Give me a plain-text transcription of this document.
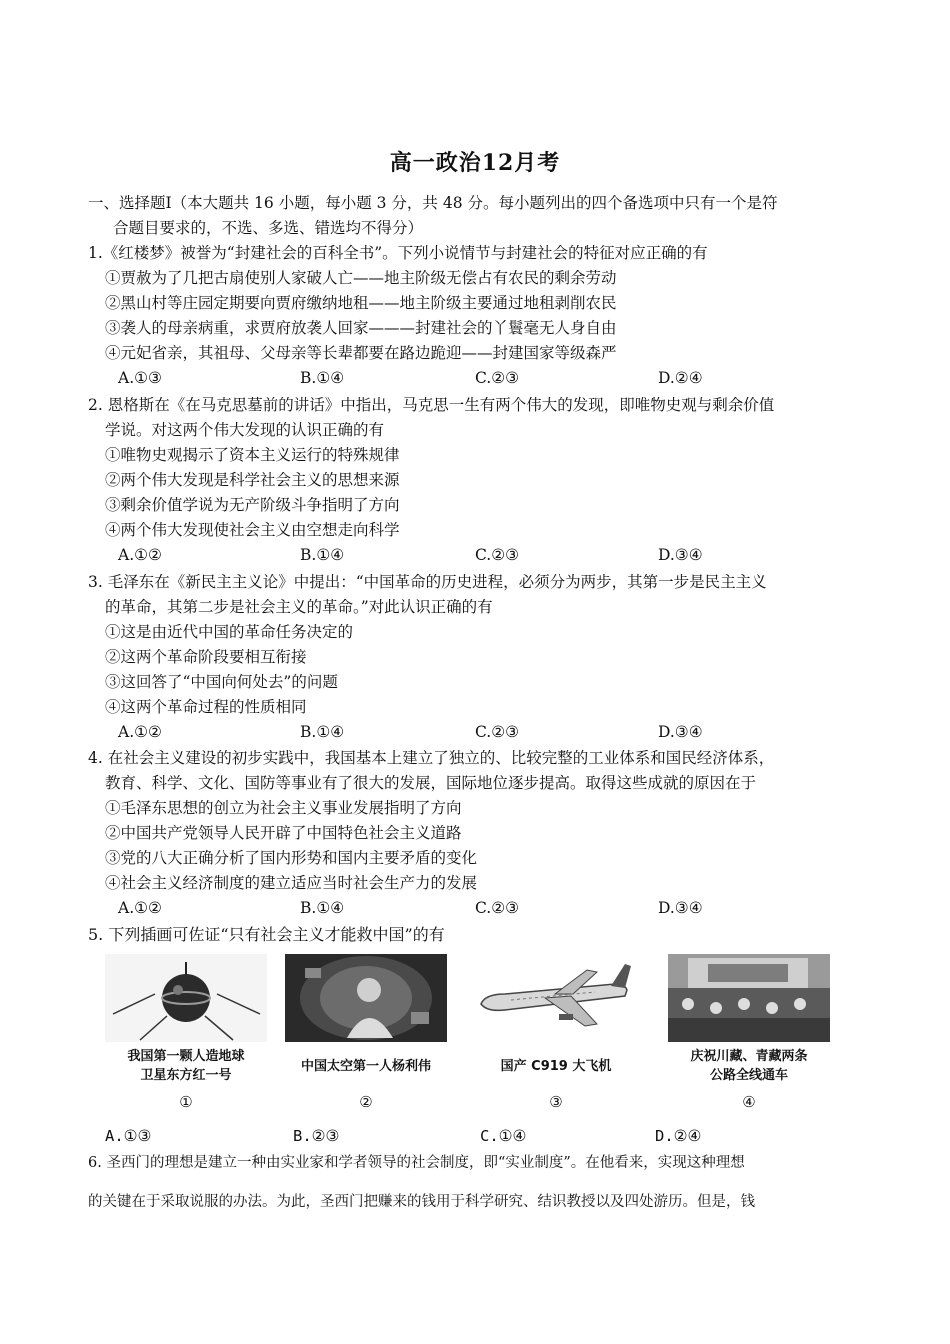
高一政治12月考
一、选择题Ⅰ（本大题共 16 小题，每小题 3 分，共 48 分。每小题列出的四个备选项中只有一个是符
合题目要求的，不选、多选、错选均不得分）
1.《红楼梦》被誉为“封建社会的百科全书”。下列小说情节与封建社会的特征对应正确的有
①贾赦为了几把古扇使别人家破人亡——地主阶级无偿占有农民的剩余劳动
②黑山村等庄园定期要向贾府缴纳地租——地主阶级主要通过地租剥削农民
③袭人的母亲病重，求贾府放袭人回家———封建社会的丫鬟毫无人身自由
④元妃省亲，其祖母、父母亲等长辈都要在路边跪迎——封建国家等级森严
A.①③	B.①④	C.②③	D.②④
2. 恩格斯在《在马克思墓前的讲话》中指出，马克思一生有两个伟大的发现，即唯物史观与剩余价值
学说。对这两个伟大发现的认识正确的有
①唯物史观揭示了资本主义运行的特殊规律
②两个伟大发现是科学社会主义的思想来源
③剩余价值学说为无产阶级斗争指明了方向
④两个伟大发现使社会主义由空想走向科学
A.①②	B.①④	C.②③	D.③④
3. 毛泽东在《新民主主义论》中提出：“中国革命的历史进程，必须分为两步，其第一步是民主主义
的革命，其第二步是社会主义的革命。”对此认识正确的有
①这是由近代中国的革命任务决定的
②这两个革命阶段要相互衔接
③这回答了“中国向何处去”的问题
④这两个革命过程的性质相同
A.①②	B.①④	C.②③	D.③④
4. 在社会主义建设的初步实践中，我国基本上建立了独立的、比较完整的工业体系和国民经济体系，
教育、科学、文化、国防等事业有了很大的发展，国际地位逐步提高。取得这些成就的原因在于
①毛泽东思想的创立为社会主义事业发展指明了方向
②中国共产党领导人民开辟了中国特色社会主义道路
③党的八大正确分析了国内形势和国内主要矛盾的变化
④社会主义经济制度的建立适应当时社会生产力的发展
A.①②	B.①④	C.②③	D.③④
5. 下列插画可佐证“只有社会主义才能救中国”的有
我国第一颗人造地球
卫星东方红一号
①
中国太空第一人杨利伟
②
国产 C919 大飞机
③
庆祝川藏、青藏两条
公路全线通车
④
A.①③	B.②③	C.①④	D.②④
6. 圣西门的理想是建立一种由实业家和学者领导的社会制度，即“实业制度”。在他看来，实现这种理想
的关键在于采取说服的办法。为此，圣西门把赚来的钱用于科学研究、结识教授以及四处游历。但是，钱
